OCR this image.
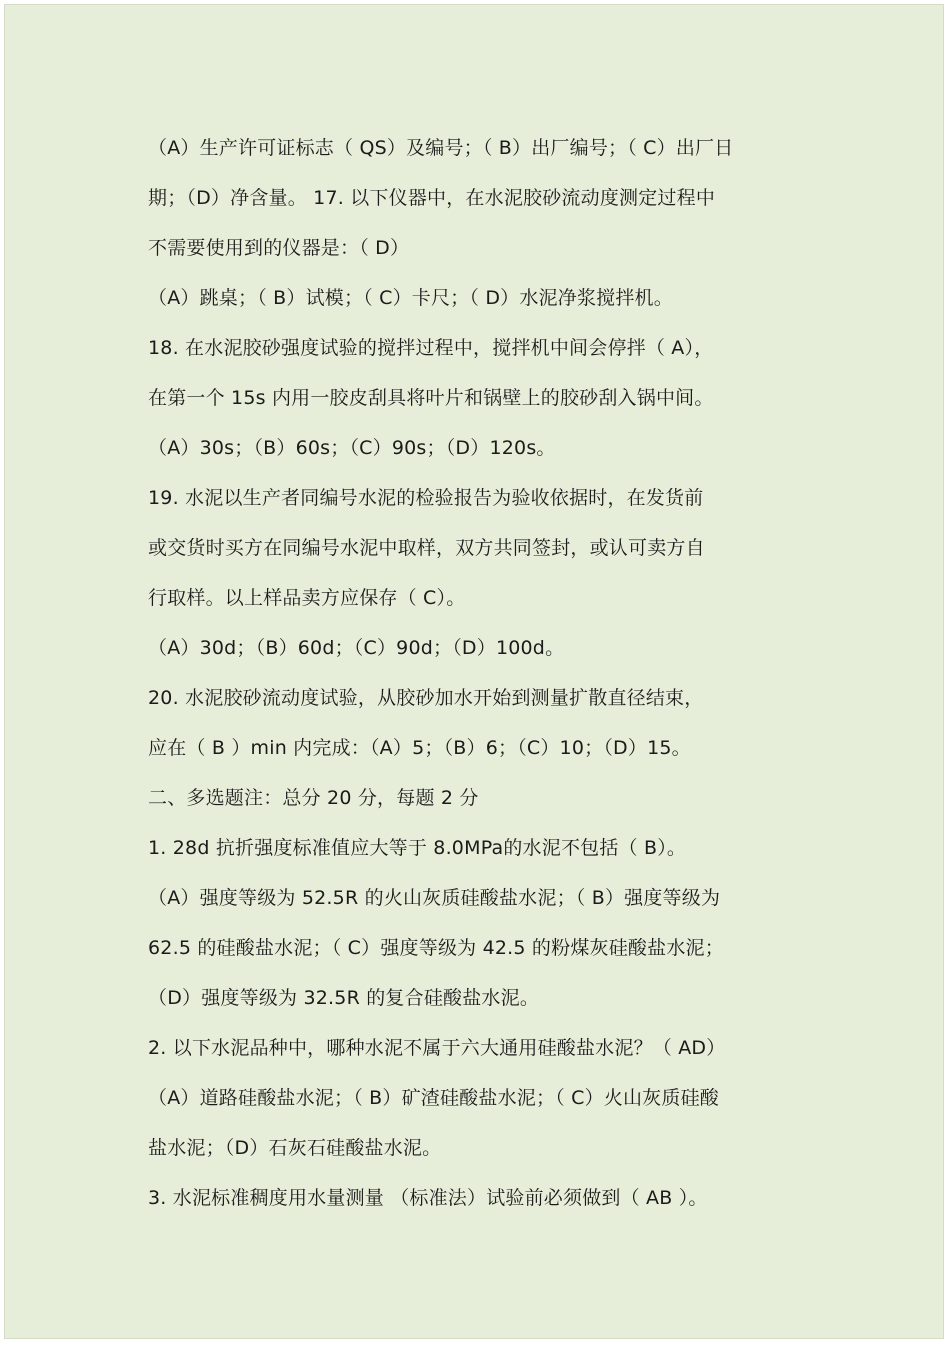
（A）生产许可证标志（ QS）及编号；（ B）出厂编号；（ C）出厂日
期；（D）净含量。 17. 以下仪器中，在水泥胶砂流动度测定过程中
不需要使用到的仪器是：（ D）
（A）跳桌；（ B）试模；（ C）卡尺；（ D）水泥净浆搅拌机。
18. 在水泥胶砂强度试验的搅拌过程中，搅拌机中间会停拌（ A），
在第一个 15s 内用一胶皮刮具将叶片和锅壁上的胶砂刮入锅中间。
（A）30s；（B）60s；（C）90s；（D）120s。
19. 水泥以生产者同编号水泥的检验报告为验收依据时，在发货前
或交货时买方在同编号水泥中取样，双方共同签封，或认可卖方自
行取样。以上样品卖方应保存（ C）。
（A）30d；（B）60d；（C）90d；（D）100d。
20. 水泥胶砂流动度试验，从胶砂加水开始到测量扩散直径结束，
应在（ B ）min 内完成：（A）5；（B）6；（C）10；（D）15。
二、多选题注：总分 20 分，每题 2 分
1. 28d 抗折强度标准值应大等于 8.0MPa的水泥不包括（ B）。
（A）强度等级为 52.5R 的火山灰质硅酸盐水泥；（ B）强度等级为
62.5 的硅酸盐水泥；（ C）强度等级为 42.5 的粉煤灰硅酸盐水泥；
（D）强度等级为 32.5R 的复合硅酸盐水泥。
2. 以下水泥品种中，哪种水泥不属于六大通用硅酸盐水泥？（ AD）
（A）道路硅酸盐水泥；（ B）矿渣硅酸盐水泥；（ C）火山灰质硅酸
盐水泥；（D）石灰石硅酸盐水泥。
3. 水泥标准稠度用水量测量 （标准法）试验前必须做到（ AB ）。
